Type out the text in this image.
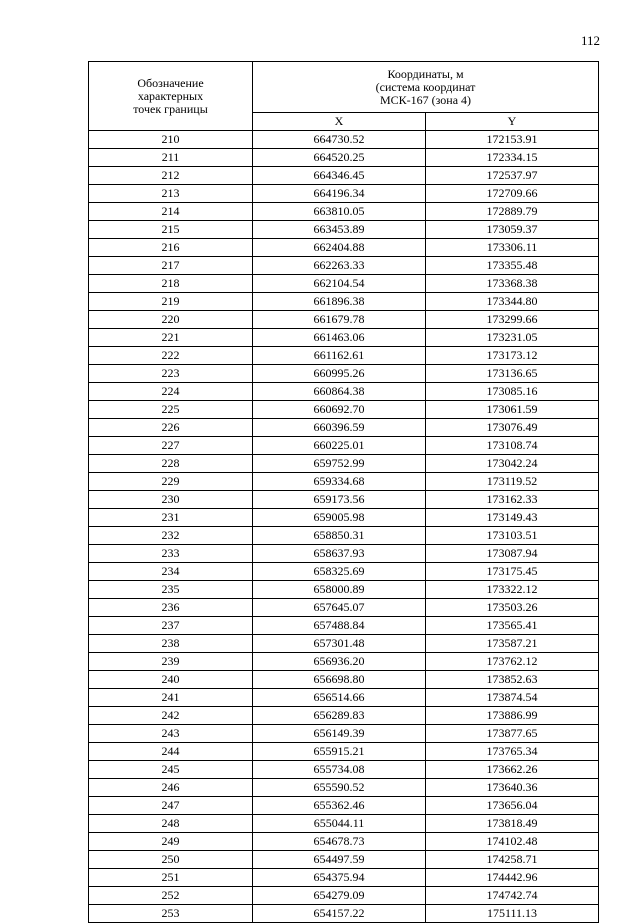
112
Обозначение
характерных
точек границы	Координаты, м
(система координат
МСК-167 (зона 4)	

	X	Y
210	664730.52	172153.91
211	664520.25	172334.15
212	664346.45	172537.97
213	664196.34	172709.66
214	663810.05	172889.79
215	663453.89	173059.37
216	662404.88	173306.11
217	662263.33	173355.48
218	662104.54	173368.38
219	661896.38	173344.80
220	661679.78	173299.66
221	661463.06	173231.05
222	661162.61	173173.12
223	660995.26	173136.65
224	660864.38	173085.16
225	660692.70	173061.59
226	660396.59	173076.49
227	660225.01	173108.74
228	659752.99	173042.24
229	659334.68	173119.52
230	659173.56	173162.33
231	659005.98	173149.43
232	658850.31	173103.51
233	658637.93	173087.94
234	658325.69	173175.45
235	658000.89	173322.12
236	657645.07	173503.26
237	657488.84	173565.41
238	657301.48	173587.21
239	656936.20	173762.12
240	656698.80	173852.63
241	656514.66	173874.54
242	656289.83	173886.99
243	656149.39	173877.65
244	655915.21	173765.34
245	655734.08	173662.26
246	655590.52	173640.36
247	655362.46	173656.04
248	655044.11	173818.49
249	654678.73	174102.48
250	654497.59	174258.71
251	654375.94	174442.96
252	654279.09	174742.74
253	654157.22	175111.13
